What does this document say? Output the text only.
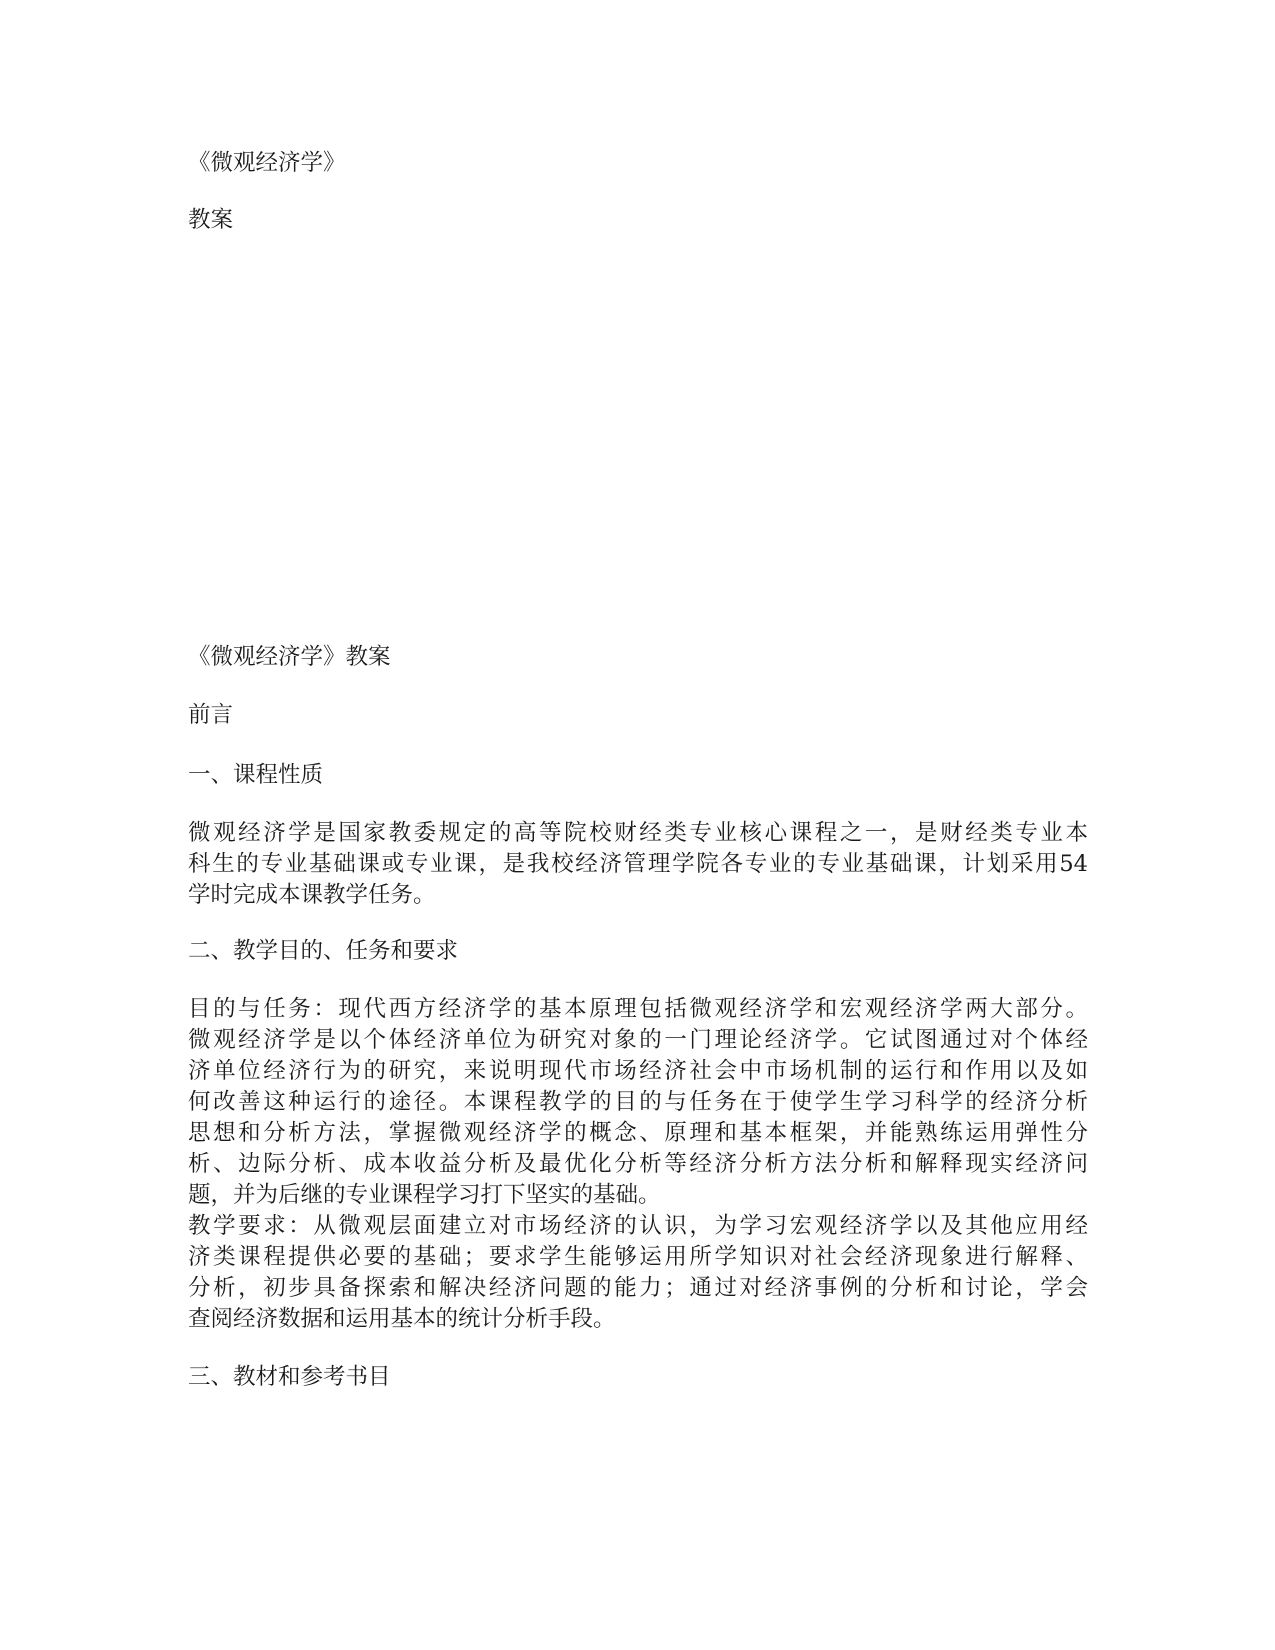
《微观经济学》

教案

《微观经济学》教案

前言

一、课程性质

微观经济学是国家教委规定的高等院校财经类专业核心课程之一，是财经类专业本
科生的专业基础课或专业课，是我校经济管理学院各专业的专业基础课，计划采用54
学时完成本课教学任务。

二、教学目的、任务和要求

目的与任务：现代西方经济学的基本原理包括微观经济学和宏观经济学两大部分。
微观经济学是以个体经济单位为研究对象的一门理论经济学。它试图通过对个体经
济单位经济行为的研究，来说明现代市场经济社会中市场机制的运行和作用以及如
何改善这种运行的途径。本课程教学的目的与任务在于使学生学习科学的经济分析
思想和分析方法，掌握微观经济学的概念、原理和基本框架，并能熟练运用弹性分
析、边际分析、成本收益分析及最优化分析等经济分析方法分析和解释现实经济问
题，并为后继的专业课程学习打下坚实的基础。
教学要求：从微观层面建立对市场经济的认识，为学习宏观经济学以及其他应用经
济类课程提供必要的基础；要求学生能够运用所学知识对社会经济现象进行解释、
分析，初步具备探索和解决经济问题的能力；通过对经济事例的分析和讨论，学会
查阅经济数据和运用基本的统计分析手段。

三、教材和参考书目
